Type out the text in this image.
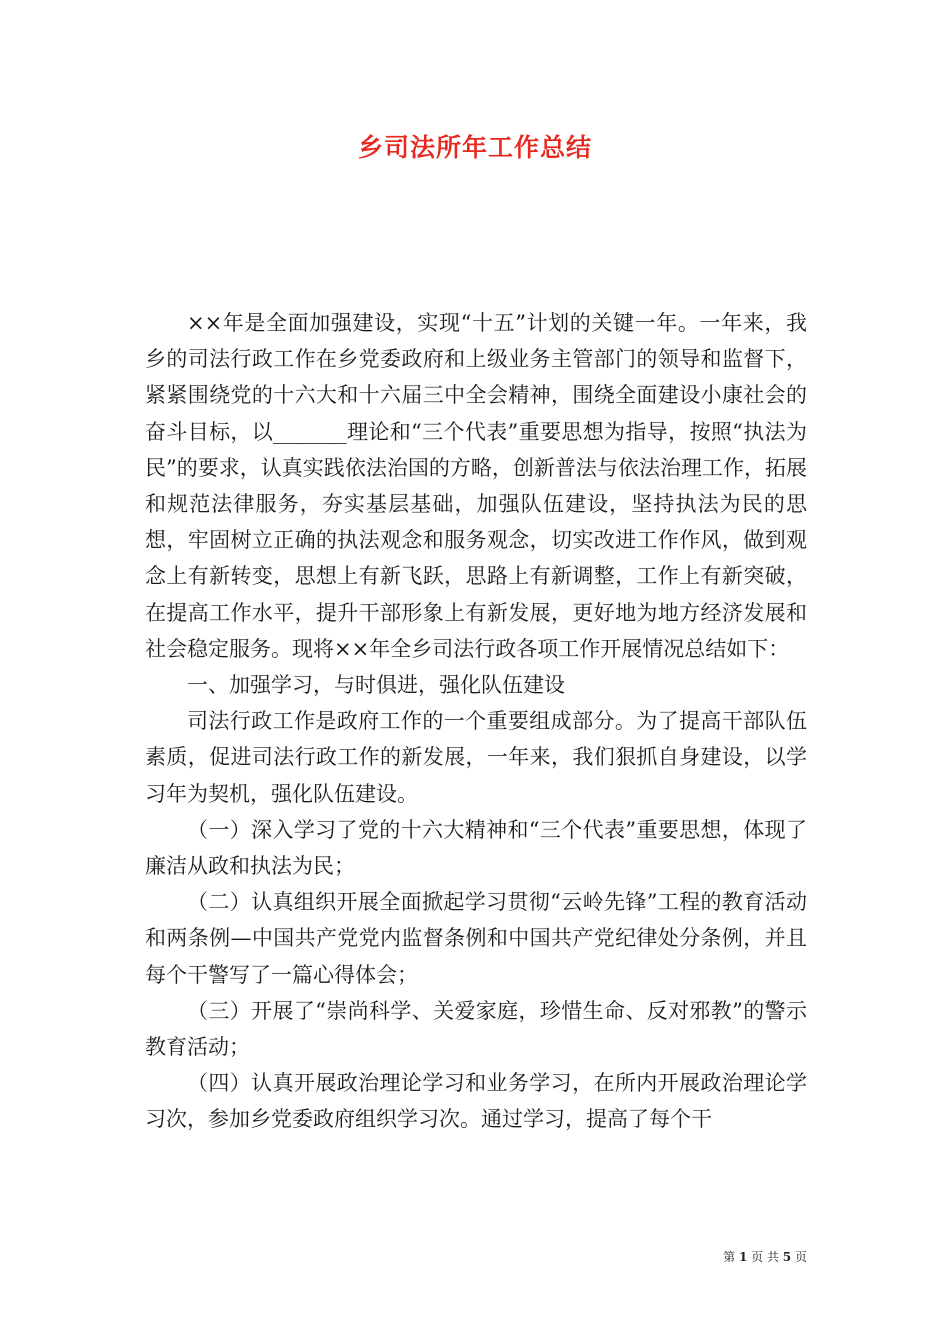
乡司法所年工作总结

××年是全面加强建设，实现“十五”计划的关键一年。一年来，我乡的司法行政工作在乡党委政府和上级业务主管部门的领导和监督下，紧紧围绕党的十六大和十六届三中全会精神，围绕全面建设小康社会的奋斗目标，以_______理论和“三个代表”重要思想为指导，按照“执法为民”的要求，认真实践依法治国的方略，创新普法与依法治理工作，拓展和规范法律服务，夯实基层基础，加强队伍建设，坚持执法为民的思想，牢固树立正确的执法观念和服务观念，切实改进工作作风，做到观念上有新转变，思想上有新飞跃，思路上有新调整，工作上有新突破，在提高工作水平，提升干部形象上有新发展，更好地为地方经济发展和社会稳定服务。现将××年全乡司法行政各项工作开展情况总结如下：

一、加强学习，与时俱进，强化队伍建设

司法行政工作是政府工作的一个重要组成部分。为了提高干部队伍素质，促进司法行政工作的新发展，一年来，我们狠抓自身建设，以学习年为契机，强化队伍建设。

（一）深入学习了党的十六大精神和“三个代表”重要思想，体现了廉洁从政和执法为民；

（二）认真组织开展全面掀起学习贯彻“云岭先锋”工程的教育活动和两条例—中国共产党党内监督条例和中国共产党纪律处分条例，并且每个干警写了一篇心得体会；

（三）开展了“崇尚科学、关爱家庭，珍惜生命、反对邪教”的警示教育活动；

（四）认真开展政治理论学习和业务学习，在所内开展政治理论学习次，参加乡党委政府组织学习次。通过学习，提高了每个干

第 1 页 共 5 页
